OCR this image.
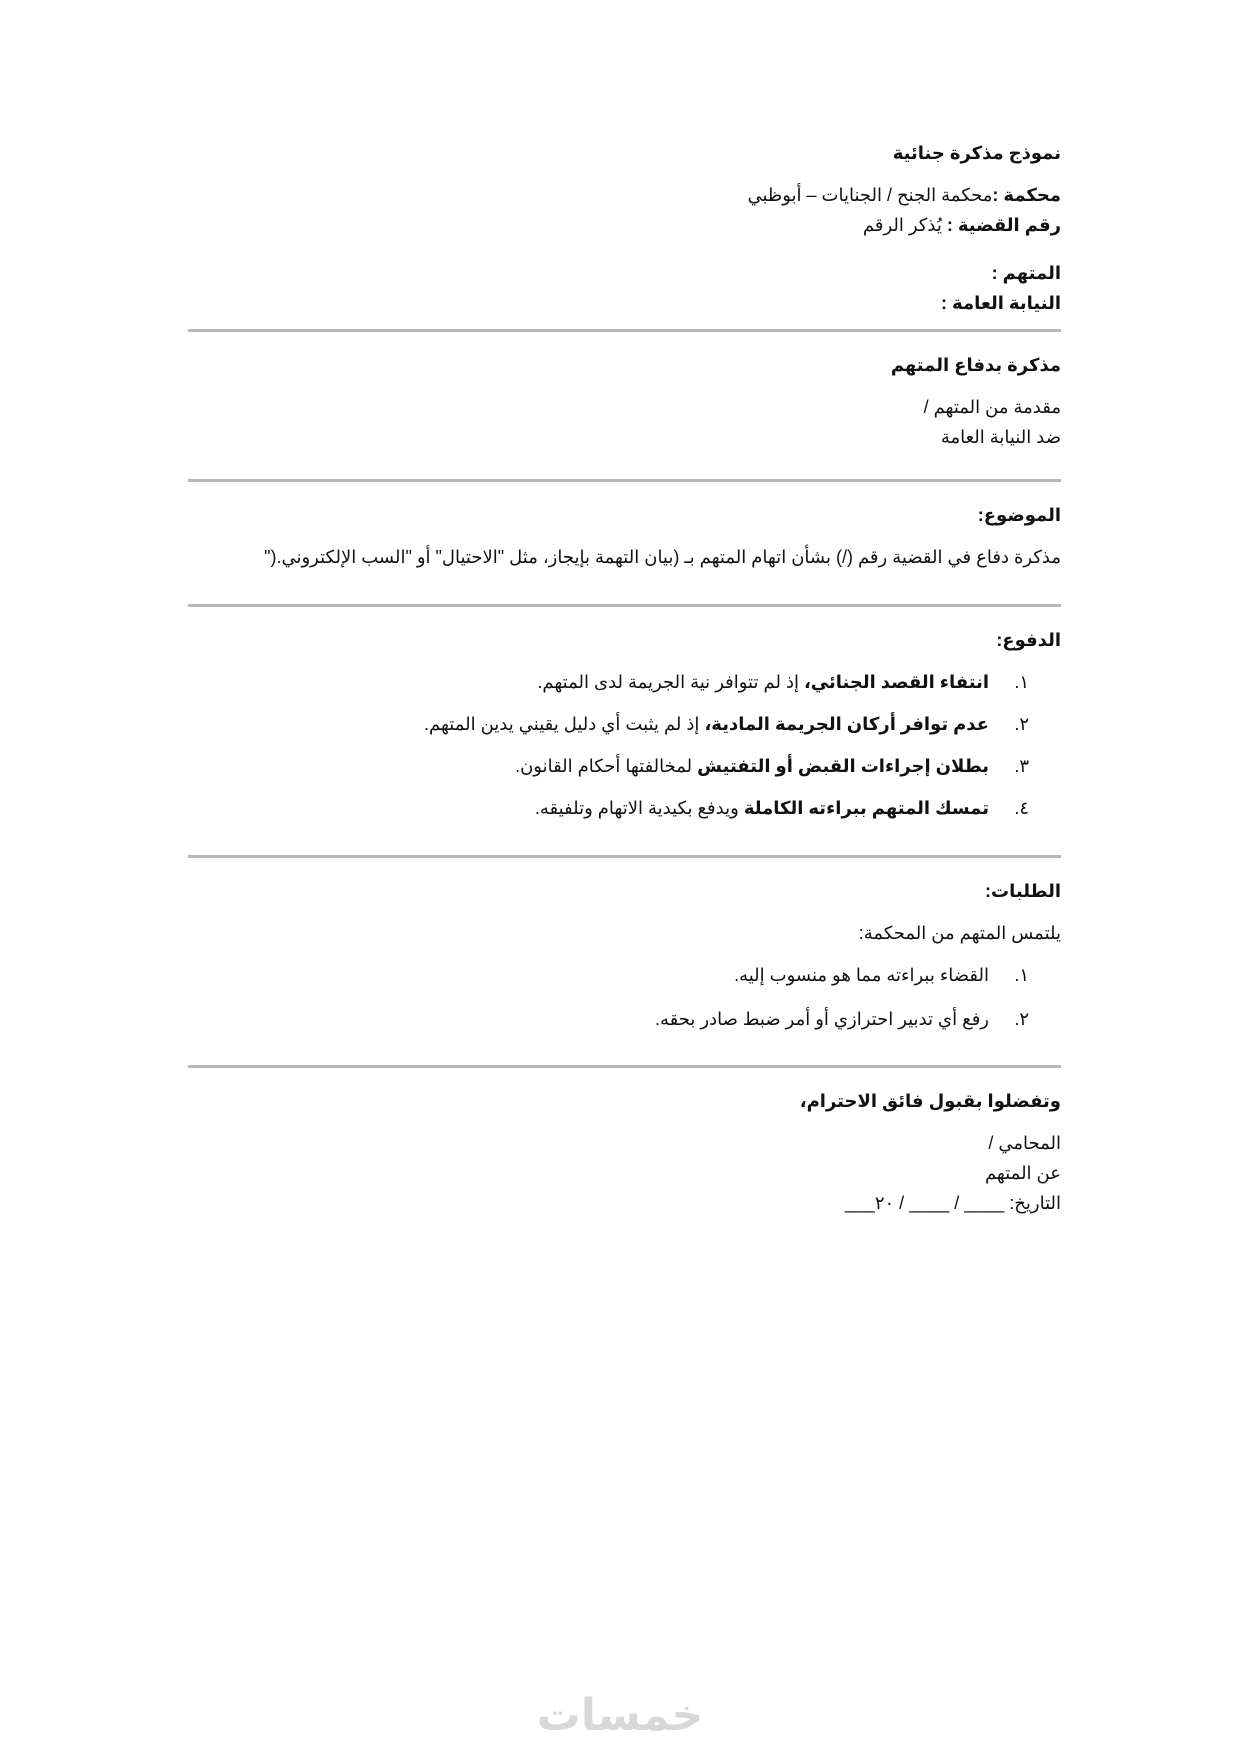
نموذج مذكرة جنائية

محكمة :محكمة الجنح / الجنايات – أبوظبي

رقم القضية : يُذكر الرقم

المتهم :

النيابة العامة :

مذكرة بدفاع المتهم

مقدمة من المتهم /

ضد النيابة العامة

الموضوع:

مذكرة دفاع في القضية رقم (/) بشأن اتهام المتهم بـ (بيان التهمة بإيجاز، مثل "الاحتيال" أو "السب الإلكتروني.("

الدفوع:

١.
انتفاء القصد الجنائي، إذ لم تتوافر نية الجريمة لدى المتهم.
٢.
عدم توافر أركان الجريمة المادية، إذ لم يثبت أي دليل يقيني يدين المتهم.
٣.
بطلان إجراءات القبض أو التفتيش لمخالفتها أحكام القانون.
٤.
تمسك المتهم ببراءته الكاملة ويدفع بكيدية الاتهام وتلفيقه.

الطلبات:

يلتمس المتهم من المحكمة:

١.
القضاء ببراءته مما هو منسوب إليه.
٢.
رفع أي تدبير احترازي أو أمر ضبط صادر بحقه.

وتفضلوا بقبول فائق الاحترام،

المحامي /

عن المتهم

التاريخ: ____ / ____ / ٢٠___

خمسات
